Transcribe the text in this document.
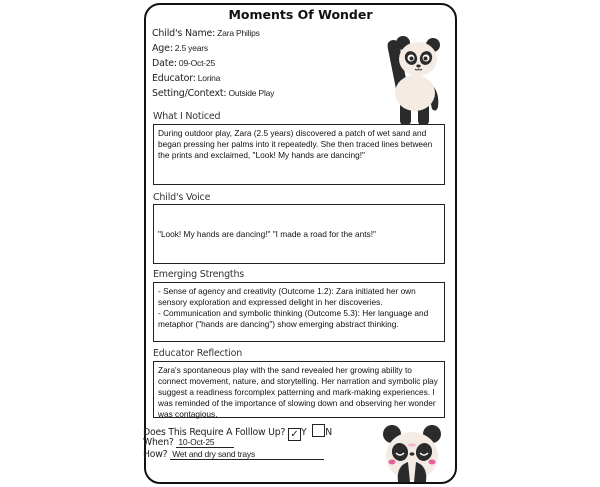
Moments Of Wonder
Child's Name: Zara Philips
Age: 2.5 years
Date: 09-Oct-25
Educator: Lorina
Setting/Context: Outside Play
What I Noticed
During outdoor play, Zara (2.5 years) discovered a patch of wet sand and began pressing her palms into it repeatedly. She then traced lines between the prints and exclaimed, "Look! My hands are dancing!"
Child's Voice
"Look! My hands are dancing!" "I made a road for the ants!"
Emerging Strengths
- Sense of agency and creativity (Outcome 1.2): Zara initiated her own sensory exploration and expressed delight in her discoveries.
- Communication and symbolic thinking (Outcome 5.3): Her language and metaphor ("hands are dancing") show emerging abstract thinking.
Educator Reflection
Zara's spontaneous play with the sand revealed her growing ability to connect movement, nature, and storytelling. Her narration and symbolic play suggest a readiness forcomplex patterning and mark-making experiences. I was reminded of the importance of slowing down and observing her wonder was contagious.
Does This Require A Folllow Up? ✓ Y N
When? 10-Oct-25
How? Wet and dry sand trays
